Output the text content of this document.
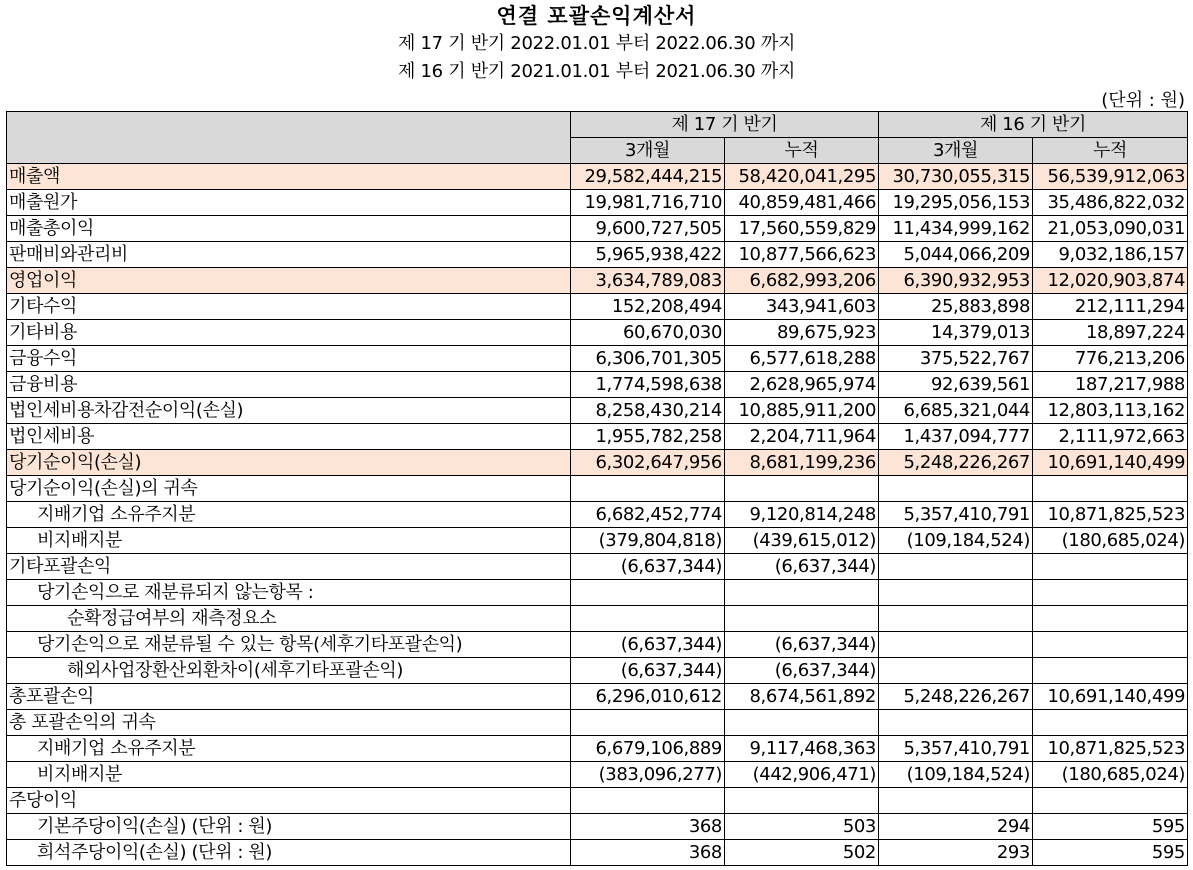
연결 포괄손익계산서
제 17 기 반기 2022.01.01 부터 2022.06.30 까지
제 16 기 반기 2021.01.01 부터 2021.06.30 까지
(단위 : 원)
	제 17 기 반기		제 16 기 반기	
	3개월	누적	3개월	누적
매출액	29,582,444,215	58,420,041,295	30,730,055,315	56,539,912,063
매출원가	19,981,716,710	40,859,481,466	19,295,056,153	35,486,822,032
매출총이익	9,600,727,505	17,560,559,829	11,434,999,162	21,053,090,031
판매비와관리비	5,965,938,422	10,877,566,623	5,044,066,209	9,032,186,157
영업이익	3,634,789,083	6,682,993,206	6,390,932,953	12,020,903,874
기타수익	152,208,494	343,941,603	25,883,898	212,111,294
기타비용	60,670,030	89,675,923	14,379,013	18,897,224
금융수익	6,306,701,305	6,577,618,288	375,522,767	776,213,206
금융비용	1,774,598,638	2,628,965,974	92,639,561	187,217,988
법인세비용차감전순이익(손실)	8,258,430,214	10,885,911,200	6,685,321,044	12,803,113,162
법인세비용	1,955,782,258	2,204,711,964	1,437,094,777	2,111,972,663
당기순이익(손실)	6,302,647,956	8,681,199,236	5,248,226,267	10,691,140,499
당기순이익(손실)의 귀속				
지배기업 소유주지분	6,682,452,774	9,120,814,248	5,357,410,791	10,871,825,523
비지배지분	(379,804,818)	(439,615,012)	(109,184,524)	(180,685,024)
기타포괄손익	(6,637,344)	(6,637,344)		
당기손익으로 재분류되지 않는항목 :				
순확정급여부의 재측정요소				
당기손익으로 재분류될 수 있는 항목(세후기타포괄손익)	(6,637,344)	(6,637,344)		
해외사업장환산외환차이(세후기타포괄손익)	(6,637,344)	(6,637,344)		
총포괄손익	6,296,010,612	8,674,561,892	5,248,226,267	10,691,140,499
총 포괄손익의 귀속				
지배기업 소유주지분	6,679,106,889	9,117,468,363	5,357,410,791	10,871,825,523
비지배지분	(383,096,277)	(442,906,471)	(109,184,524)	(180,685,024)
주당이익				
기본주당이익(손실) (단위 : 원)	368	503	294	595
희석주당이익(손실) (단위 : 원)	368	502	293	595
